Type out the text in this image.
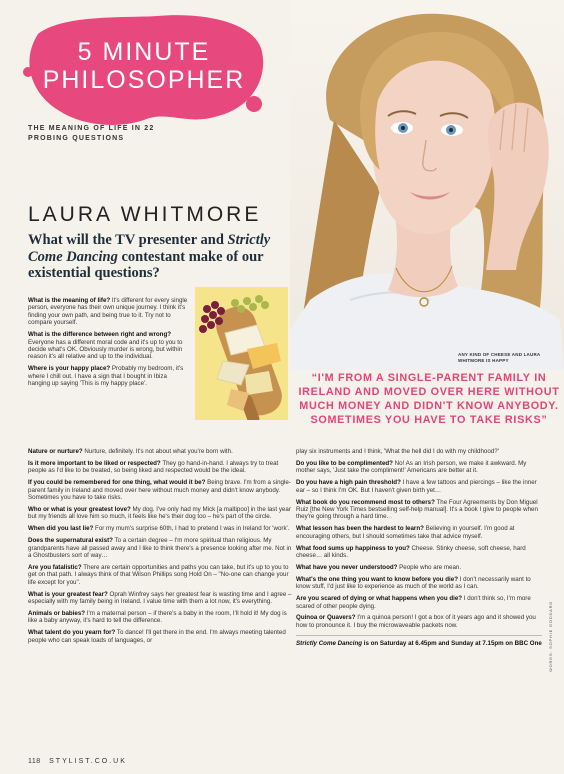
5 MINUTE
PHILOSOPHER
THE MEANING OF LIFE IN 22 PROBING QUESTIONS
ANY KIND OF CHEESE AND LAURA WHITMORE IS HAPPY
LAURA WHITMORE
What will the TV presenter and Strictly Come Dancing contestant make of our existential questions?
“I'M FROM A SINGLE-PARENT FAMILY IN IRELAND AND MOVED OVER HERE WITHOUT MUCH MONEY AND DIDN'T KNOW ANYBODY. SOMETIMES YOU HAVE TO TAKE RISKS”

What is the meaning of life? It's different for every single person, everyone has their own unique journey. I think it's finding your own path, and being true to it. Try not to compare yourself.

What is the difference between right and wrong? Everyone has a different moral code and it's up to you to decide what's OK. Obviously murder is wrong, but within reason it's all relative and up to the individual.

Where is your happy place? Probably my bedroom, it's where I chill out. I have a sign that I bought in Ibiza hanging up saying 'This is my happy place'.

Nature or nurture? Nurture, definitely. It's not about what you're born with.

Is it more important to be liked or respected? They go hand-in-hand. I always try to treat people as I'd like to be treated, so being liked and respected would be the ideal.

If you could be remembered for one thing, what would it be? Being brave. I'm from a single-parent family in Ireland and moved over here without much money and didn't know anybody. Sometimes you have to take risks.

Who or what is your greatest love? My dog. I've only had my Mick [a maltipoo] in the last year but my friends all love him so much, it feels like he's their dog too – he's part of the circle.

When did you last lie? For my mum's surprise 60th, I had to pretend I was in Ireland for 'work'.

Does the supernatural exist? To a certain degree – I'm more spiritual than religious. My grandparents have all passed away and I like to think there's a presence looking after me. Not in a Ghostbusters sort of way…

Are you fatalistic? There are certain opportunities and paths you can take, but it's up to you to get on that path. I always think of that Wilson Phillips song Hold On – "No-one can change your life except for you".

What is your greatest fear? Oprah Winfrey says her greatest fear is wasting time and I agree – especially with my family being in Ireland. I value time with them a lot now, it's everything.

Animals or babies? I'm a maternal person – if there's a baby in the room, I'll hold it! My dog is like a baby anyway, it's hard to tell the difference.

What talent do you yearn for? To dance! I'll get there in the end. I'm always meeting talented people who can speak loads of languages, or

play six instruments and I think, 'What the hell did I do with my childhood?'

Do you like to be complimented? No! As an Irish person, we make it awkward. My mother says, 'Just take the compliment!' Americans are better at it.

Do you have a high pain threshold? I have a few tattoos and piercings – like the inner ear – so I think I'm OK. But I haven't given birth yet…

What book do you recommend most to others? The Four Agreements by Don Miguel Ruiz [the New York Times bestselling self-help manual]. It's a book I give to people when they're going through a hard time.

What lesson has been the hardest to learn? Believing in yourself. I'm good at encouraging others, but I should sometimes take that advice myself.

What food sums up happiness to you? Cheese. Stinky cheese, soft cheese, hard cheese… all kinds.

What have you never understood? People who are mean.

What's the one thing you want to know before you die? I don't necessarily want to know stuff, I'd just like to experience as much of the world as I can.

Are you scared of dying or what happens when you die? I don't think so, I'm more scared of other people dying.

Quinoa or Quavers? I'm a quinoa person! I got a box of it years ago and it showed you how to pronounce it. I buy the microwaveable packets now.

Strictly Come Dancing is on Saturday at 6.45pm and Sunday at 7.15pm on BBC One WORDS: SOPHIE GODDARD
118 STYLIST.CO.UK
